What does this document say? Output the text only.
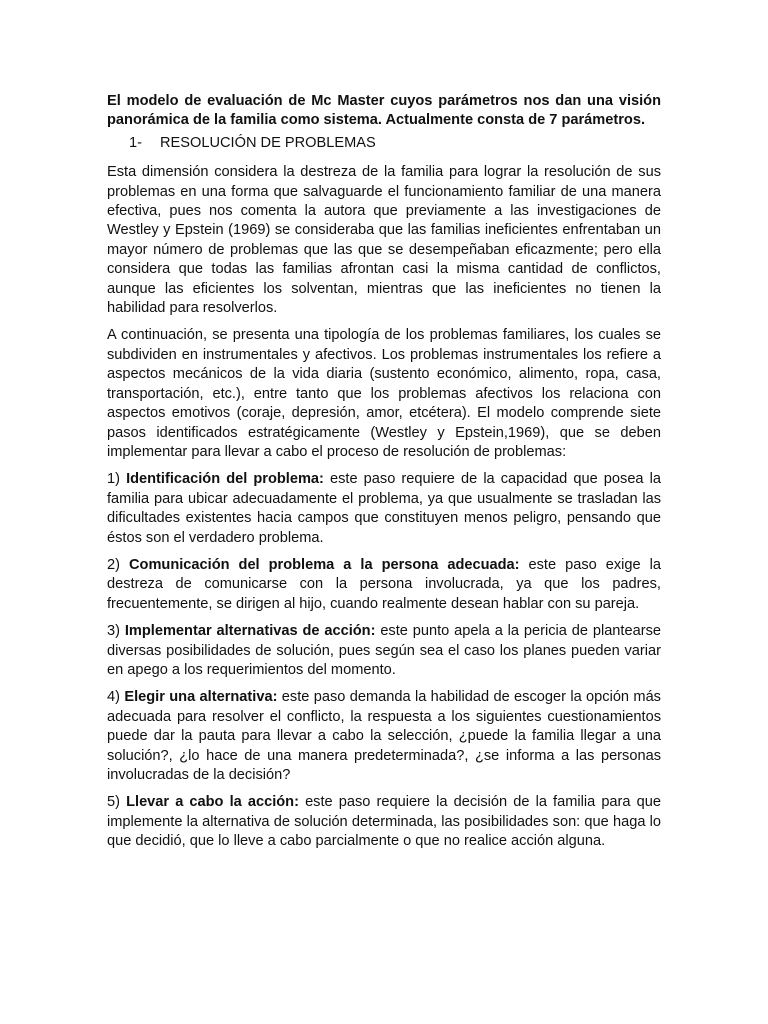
El modelo de evaluación de Mc Master cuyos parámetros nos dan una visión panorámica de la familia como sistema. Actualmente consta de 7 parámetros.

1- RESOLUCIÓN DE PROBLEMAS

Esta dimensión considera la destreza de la familia para lograr la resolución de sus problemas en una forma que salvaguarde el funcionamiento familiar de una manera efectiva, pues nos comenta la autora que previamente a las investigaciones de Westley y Epstein (1969) se consideraba que las familias ineficientes enfrentaban un mayor número de problemas que las que se desempeñaban eficazmente; pero ella considera que todas las familias afrontan casi la misma cantidad de conflictos, aunque las eficientes los solventan, mientras que las ineficientes no tienen la habilidad para resolverlos.

A continuación, se presenta una tipología de los problemas familiares, los cuales se subdividen en instrumentales y afectivos. Los problemas instrumentales los refiere a aspectos mecánicos de la vida diaria (sustento económico, alimento, ropa, casa, transportación, etc.), entre tanto que los problemas afectivos los relaciona con aspectos emotivos (coraje, depresión, amor, etcétera). El modelo comprende siete pasos identificados estratégicamente (Westley y Epstein,1969), que se deben implementar para llevar a cabo el proceso de resolución de problemas:

1) Identificación del problema: este paso requiere de la capacidad que posea la familia para ubicar adecuadamente el problema, ya que usualmente se trasladan las dificultades existentes hacia campos que constituyen menos peligro, pensando que éstos son el verdadero problema.

2) Comunicación del problema a la persona adecuada: este paso exige la destreza de comunicarse con la persona involucrada, ya que los padres, frecuentemente, se dirigen al hijo, cuando realmente desean hablar con su pareja.

3) Implementar alternativas de acción: este punto apela a la pericia de plantearse diversas posibilidades de solución, pues según sea el caso los planes pueden variar en apego a los requerimientos del momento.

4) Elegir una alternativa: este paso demanda la habilidad de escoger la opción más adecuada para resolver el conflicto, la respuesta a los siguientes cuestionamientos puede dar la pauta para llevar a cabo la selección, ¿puede la familia llegar a una solución?, ¿lo hace de una manera predeterminada?, ¿se informa a las personas involucradas de la decisión?

5) Llevar a cabo la acción: este paso requiere la decisión de la familia para que implemente la alternativa de solución determinada, las posibilidades son: que haga lo que decidió, que lo lleve a cabo parcialmente o que no realice acción alguna.
